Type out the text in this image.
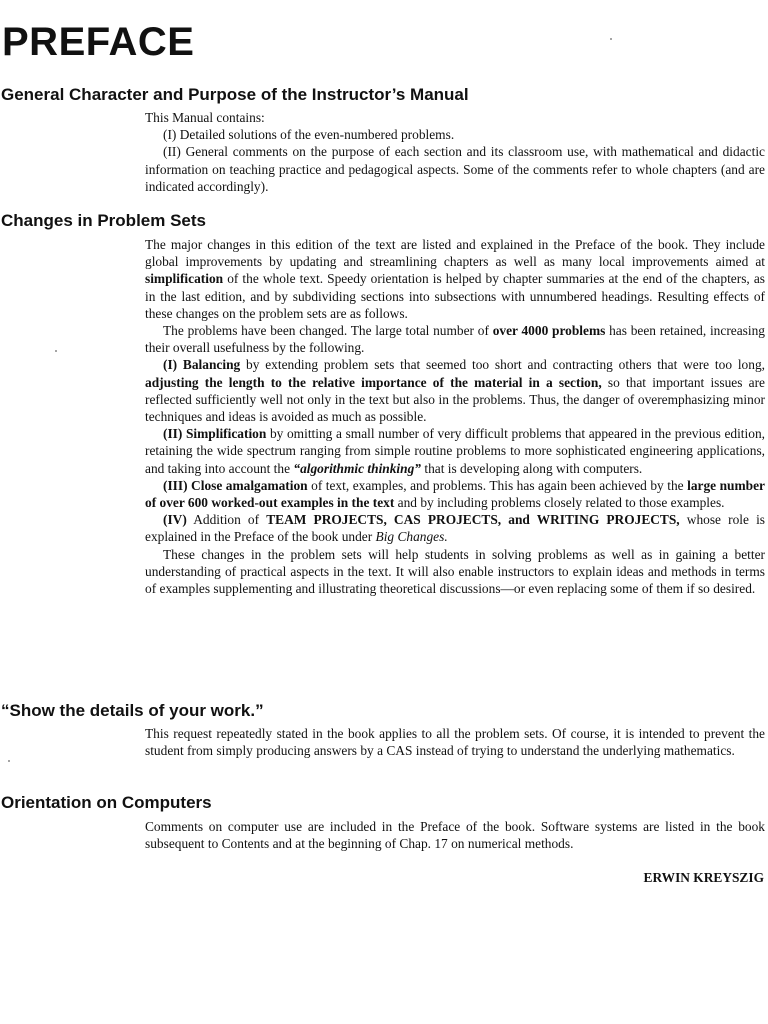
PREFACE
General Character and Purpose of the Instructor’s Manual

This Manual contains:

(I) Detailed solutions of the even-numbered problems.

(II) General comments on the purpose of each section and its classroom use, with mathematical and didactic information on teaching practice and pedagogical aspects. Some of the comments refer to whole chapters (and are indicated accordingly).

Changes in Problem Sets

The major changes in this edition of the text are listed and explained in the Preface of the book. They include global improvements by updating and streamlining chapters as well as many local improvements aimed at simplification of the whole text. Speedy orientation is helped by chapter summaries at the end of the chapters, as in the last edition, and by subdividing sections into subsections with unnumbered headings. Resulting effects of these changes on the problem sets are as follows.

The problems have been changed. The large total number of over 4000 problems has been retained, increasing their overall usefulness by the following.

(I) Balancing by extending problem sets that seemed too short and contracting others that were too long, adjusting the length to the relative importance of the material in a section, so that important issues are reflected sufficiently well not only in the text but also in the problems. Thus, the danger of overemphasizing minor techniques and ideas is avoided as much as possible.

(II) Simplification by omitting a small number of very difficult problems that appeared in the previous edition, retaining the wide spectrum ranging from simple routine problems to more sophisticated engineering applications, and taking into account the “algorithmic thinking” that is developing along with computers.

(III) Close amalgamation of text, examples, and problems. This has again been achieved by the large number of over 600 worked-out examples in the text and by including problems closely related to those examples.

(IV) Addition of TEAM PROJECTS, CAS PROJECTS, and WRITING PROJECTS, whose role is explained in the Preface of the book under Big Changes.

These changes in the problem sets will help students in solving problems as well as in gaining a better understanding of practical aspects in the text. It will also enable instructors to explain ideas and methods in terms of examples supplementing and illustrating theoretical discussions—or even replacing some of them if so desired.

“Show the details of your work.”

This request repeatedly stated in the book applies to all the problem sets. Of course, it is intended to prevent the student from simply producing answers by a CAS instead of trying to understand the underlying mathematics.

Orientation on Computers

Comments on computer use are included in the Preface of the book. Software systems are listed in the book subsequent to Contents and at the beginning of Chap. 17 on numerical methods.

ERWIN KREYSZIG
